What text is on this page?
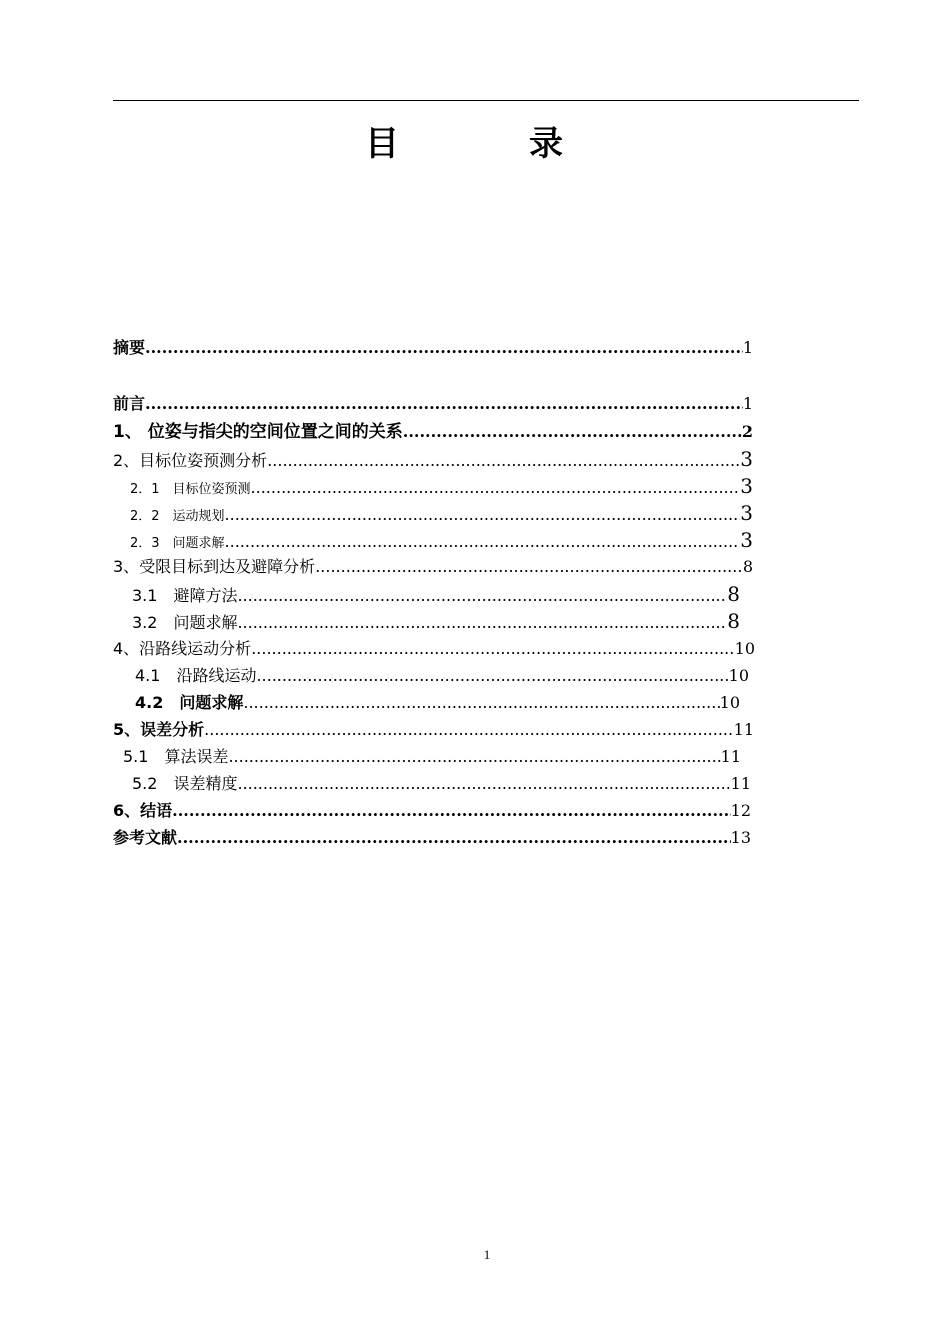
目　录
摘要 .....	1
前言 .....	1
1、 位姿与指尖的空间位置之间的关系 .....	2
2、目标位姿预测分析 .....	3
2．1　目标位姿预测 .....	3
2．2　运动规划 .....	3
2．3　问题求解 .....	3
3、受限目标到达及避障分析 .....	8
3.1　避障方法 .....	8
3.2　问题求解 .....	8
4、沿路线运动分析 .....	10
4.1　沿路线运动 .....	10
4.2　问题求解 .....	10
5、误差分析 .....	11
5.1　算法误差 .....	11
5.2　误差精度 .....	11
6、结语 .....	12
参考文献 .....	13
1
